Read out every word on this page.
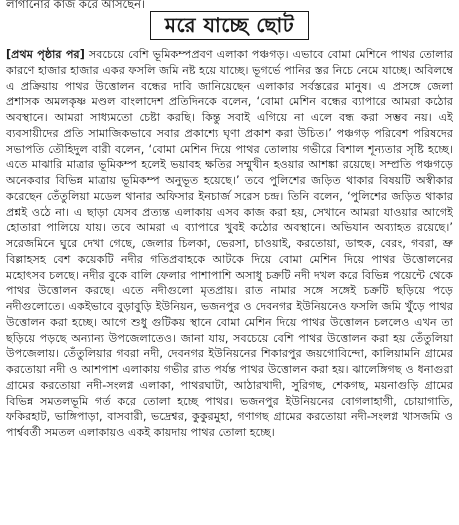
লাগানোর কাজ করে আসছেন।
মরে যাচ্ছে ছোট
[প্রথম পৃষ্ঠার পর] সবচেয়ে বেশি ভূমিকম্পপ্রবণ এলাকা পঞ্চগড়। এভাবে বোমা মেশিনে পাথর তোলার কারণে হাজার হাজার একর ফসলি জমি নষ্ট হয়ে যাচ্ছে। ভূগর্ভে পানির স্তর নিচে নেমে যাচ্ছে। অবিলম্বে এ প্রক্রিয়ায় পাথর উত্তোলন বন্ধের দাবি জানিয়েছেন এলাকার সর্বস্তরের মানুষ। এ প্রসঙ্গে জেলা প্রশাসক অমলকৃষ্ণ মণ্ডল বাংলাদেশ প্রতিদিনকে বলেন, ‘বোমা মেশিন বন্ধের ব্যাপারে আমরা কঠোর অবস্থানে। আমরা সাধ্যমতো চেষ্টা করছি। কিন্তু সবাই এগিয়ে না এলে বন্ধ করা সম্ভব নয়। এই ব্যবসায়ীদের প্রতি সামাজিকভাবে সবার প্রকাশ্যে ঘৃণা প্রকাশ করা উচিত।’ পঞ্চগড় পরিবেশ পরিষদের সভাপতি তৌহিদুল বারী বলেন, ‘বোমা মেশিন দিয়ে পাথর তোলায় গভীরে বিশাল শূন্যতার সৃষ্টি হচ্ছে। এতে মাঝারি মাত্রার ভূমিকম্প হলেই ভয়াবহ ক্ষতির সম্মুখীন হওয়ার আশঙ্কা রয়েছে। সম্প্রতি পঞ্চগড়ে অনেকবার বিভিন্ন মাত্রায় ভূমিকম্প অনুভূত হয়েছে।’ তবে পুলিশের জড়িত থাকার বিষয়টি অস্বীকার করেছেন তেঁতুলিয়া মডেল থানার অফিসার ইনচার্জ সরেস চন্দ্র। তিনি বলেন, ‘পুলিশের জড়িত থাকার প্রশ্নই ওঠে না। এ ছাড়া যেসব প্রত্যন্ত এলাকায় এসব কাজ করা হয়, সেখানে আমরা যাওয়ার আগেই হোতারা পালিয়ে যায়। তবে আমরা এ ব্যাপারে খুবই কঠোর অবস্থানে। অভিযান অব্যাহত রয়েছে।’ সরেজমিনে ঘুরে দেখা গেছে, জেলার চিলকা, ভেরসা, চাওয়াই, করতোয়া, ডাহুক, বেরং, গবরা, ভ্রু বিল্লাহসহ বেশ কয়েকটি নদীর গতিপ্রবাহকে আটকে দিয়ে বোমা মেশিন দিয়ে পাথর উত্তোলনের মহোৎসব চলছে। নদীর বুকে বালি ফেলার পাশাপাশি অসাধু চক্রটি নদী দখল করে বিভিন্ন পয়েন্টে থেকে পাথর উত্তোলন করছে। এতে নদীগুলো মৃতপ্রায়। রাত নামার সঙ্গে সঙ্গেই চক্রটি ছড়িয়ে পড়ে নদীগুলোতে। একইভাবে বুড়াবুড়ি ইউনিয়ন, ভজনপুর ও দেবনগর ইউনিয়নেও ফসলি জমি খুঁড়ে পাথর উত্তোলন করা হচ্ছে। আগে শুধু গুটিকয় স্থানে বোমা মেশিন দিয়ে পাথর উত্তোলন চললেও এখন তা ছড়িয়ে পড়ছে অন্যান্য উপজেলাতেও। জানা যায়, সবচেয়ে বেশি পাথর উত্তোলন করা হয় তেঁতুলিয়া উপজেলায়। তেঁতুলিয়ার গবরা নদী, দেবনগর ইউনিয়নের শিকারপুর জয়গোবিন্দো, কালিয়ামনি গ্রামের করতোয়া নদী ও আশপাশ এলাকায় গভীর রাত পর্যন্ত পাথর উত্তোলন করা হয়। ঝালেঙ্গিগছ ও ধনাগুরা গ্রামের করতোয়া নদী-সংলগ্ন এলাকা, পাথরঘাটা, আঠারখাদী, সুরিগছ, শেকগছ, ময়নাগুড়ি গ্রামের বিভিন্ন সমতলভূমি গর্ত করে তোলা হচ্ছে পাথর। ভজনপুর ইউনিয়নের বোগলাহাগী, চোয়াগাতি, ফকিরহাট, ভাঙ্গিপাড়া, বাসবারী, ভদ্রেশ্বর, কুকুরমুহা, গণাগছ গ্রামের করতোয়া নদী-সংলগ্ন খাসজমি ও পার্শ্ববর্তী সমতল এলাকায়ও একই কায়দায় পাথর তোলা হচ্ছে।
